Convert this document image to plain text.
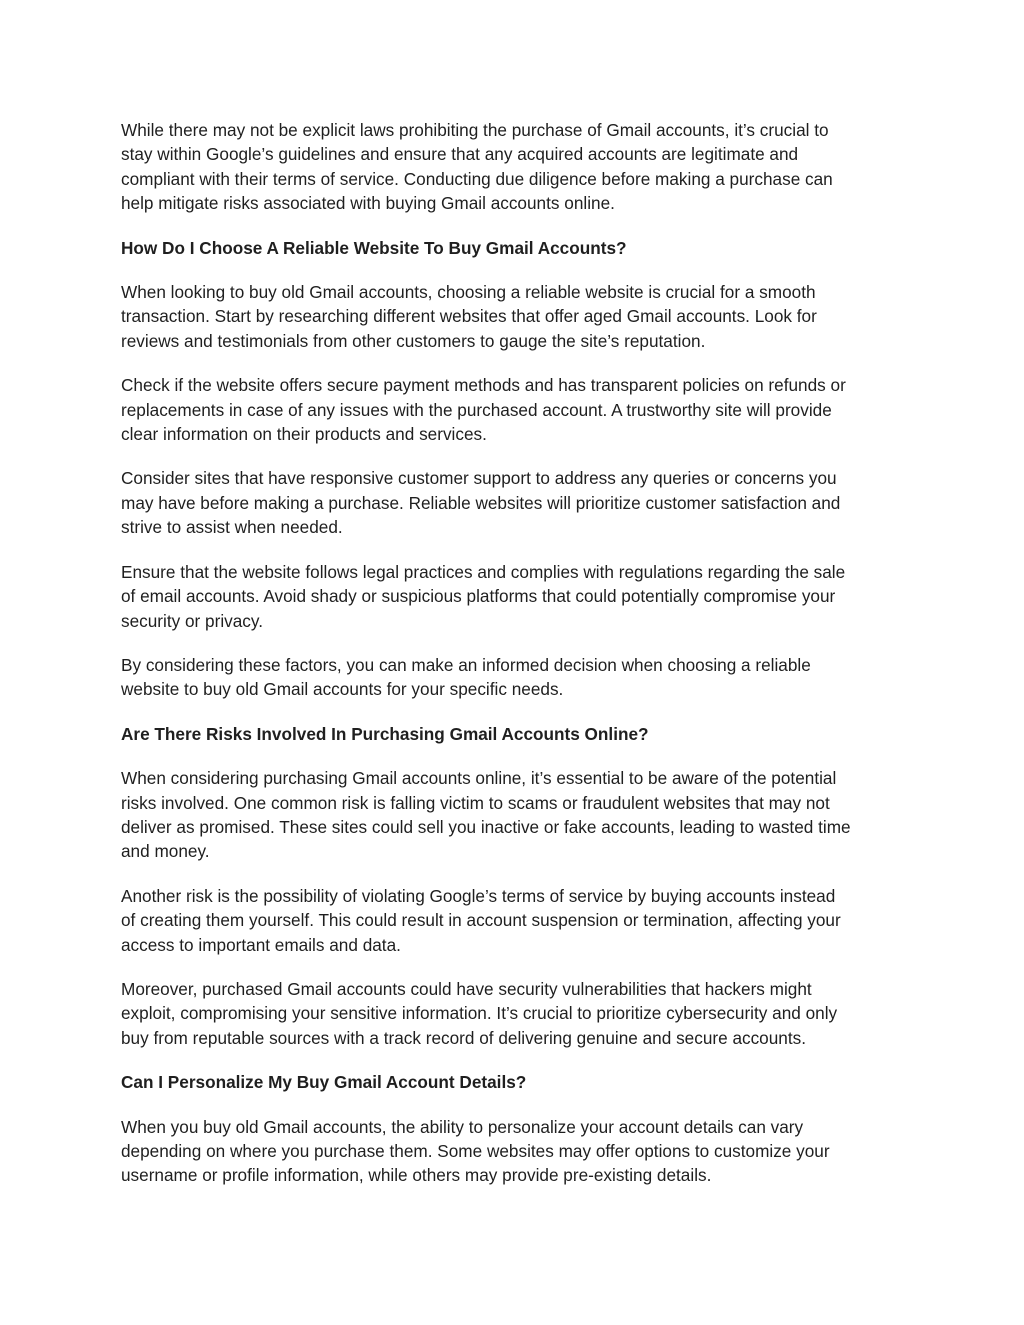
While there may not be explicit laws prohibiting the purchase of Gmail accounts, it’s crucial to
stay within Google’s guidelines and ensure that any acquired accounts are legitimate and
compliant with their terms of service. Conducting due diligence before making a purchase can
help mitigate risks associated with buying Gmail accounts online.

How Do I Choose A Reliable Website To Buy Gmail Accounts?

When looking to buy old Gmail accounts, choosing a reliable website is crucial for a smooth
transaction. Start by researching different websites that offer aged Gmail accounts. Look for
reviews and testimonials from other customers to gauge the site’s reputation.

Check if the website offers secure payment methods and has transparent policies on refunds or
replacements in case of any issues with the purchased account. A trustworthy site will provide
clear information on their products and services.

Consider sites that have responsive customer support to address any queries or concerns you
may have before making a purchase. Reliable websites will prioritize customer satisfaction and
strive to assist when needed.

Ensure that the website follows legal practices and complies with regulations regarding the sale
of email accounts. Avoid shady or suspicious platforms that could potentially compromise your
security or privacy.

By considering these factors, you can make an informed decision when choosing a reliable
website to buy old Gmail accounts for your specific needs.

Are There Risks Involved In Purchasing Gmail Accounts Online?

When considering purchasing Gmail accounts online, it’s essential to be aware of the potential
risks involved. One common risk is falling victim to scams or fraudulent websites that may not
deliver as promised. These sites could sell you inactive or fake accounts, leading to wasted time
and money.

Another risk is the possibility of violating Google’s terms of service by buying accounts instead
of creating them yourself. This could result in account suspension or termination, affecting your
access to important emails and data.

Moreover, purchased Gmail accounts could have security vulnerabilities that hackers might
exploit, compromising your sensitive information. It’s crucial to prioritize cybersecurity and only
buy from reputable sources with a track record of delivering genuine and secure accounts.

Can I Personalize My Buy Gmail Account Details?

When you buy old Gmail accounts, the ability to personalize your account details can vary
depending on where you purchase them. Some websites may offer options to customize your
username or profile information, while others may provide pre-existing details.
